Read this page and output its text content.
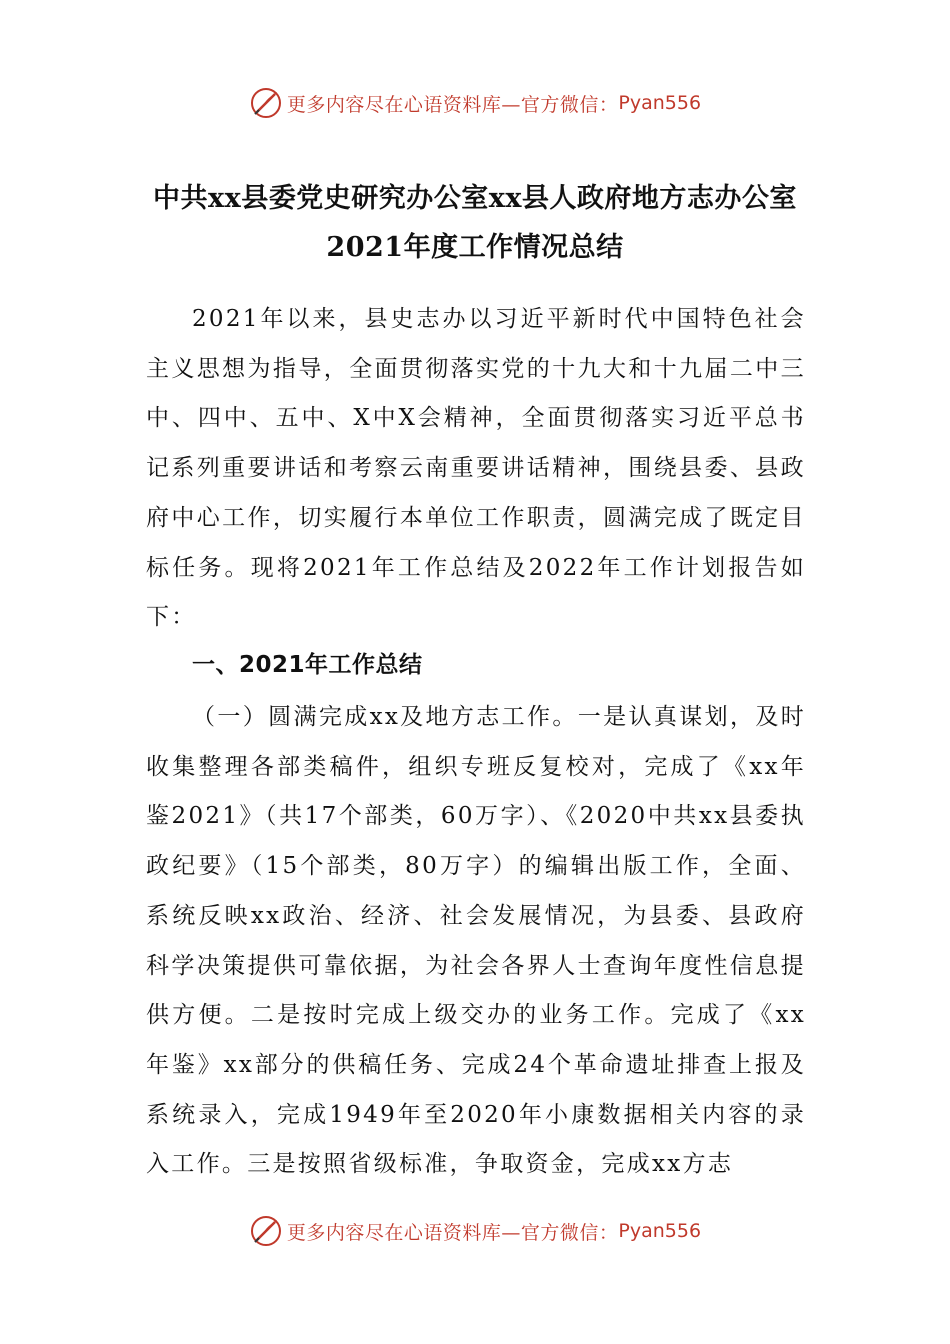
更多内容尽在心语资料库—官方微信： Pyan556
中共xx县委党史研究办公室xx县人政府地方志办公室
2021年度工作情况总结

2021年以来，县史志办以习近平新时代中国特色社会主义思想为指导，全面贯彻落实党的十九大和十九届二中三中、四中、五中、X中X会精神，全面贯彻落实习近平总书记系列重要讲话和考察云南重要讲话精神，围绕县委、县政府中心工作，切实履行本单位工作职责，圆满完成了既定目标任务。现将2021年工作总结及2022年工作计划报告如下：

一、2021年工作总结

（一）圆满完成xx及地方志工作。一是认真谋划，及时收集整理各部类稿件，组织专班反复校对，完成了《xx年鉴2021》（共17个部类，60万字）、《2020中共xx县委执政纪要》（15个部类，80万字）的编辑出版工作，全面、系统反映xx政治、经济、社会发展情况，为县委、县政府科学决策提供可靠依据，为社会各界人士查询年度性信息提供方便。二是按时完成上级交办的业务工作。完成了《xx年鉴》xx部分的供稿任务、完成24个革命遗址排查上报及系统录入，完成1949年至2020年小康数据相关内容的录入工作。三是按照省级标准，争取资金，完成xx方志

更多内容尽在心语资料库—官方微信： Pyan556
